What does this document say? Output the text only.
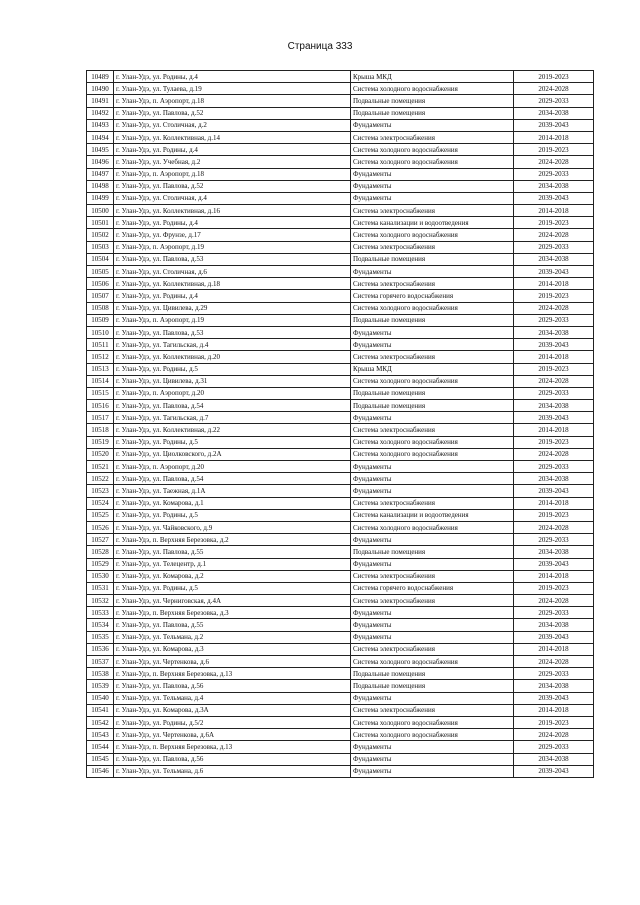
Страница 333
10489	г. Улан-Удэ, ул. Родины, д.4	Крыша МКД	2019-2023
10490	г. Улан-Удэ, ул. Тулаева, д.19	Система холодного водоснабжения	2024-2028
10491	г. Улан-Удэ, п. Аэропорт, д.18	Подвальные помещения	2029-2033
10492	г. Улан-Удэ, ул. Павлова, д.52	Подвальные помещения	2034-2038
10493	г. Улан-Удэ, ул. Столичная, д.2	Фундаменты	2039-2043
10494	г. Улан-Удэ, ул. Коллективная, д.14	Система электроснабжения	2014-2018
10495	г. Улан-Удэ, ул. Родины, д.4	Система холодного водоснабжения	2019-2023
10496	г. Улан-Удэ, ул. Учебная, д.2	Система холодного водоснабжения	2024-2028
10497	г. Улан-Удэ, п. Аэропорт, д.18	Фундаменты	2029-2033
10498	г. Улан-Удэ, ул. Павлова, д.52	Фундаменты	2034-2038
10499	г. Улан-Удэ, ул. Столичная, д.4	Фундаменты	2039-2043
10500	г. Улан-Удэ, ул. Коллективная, д.16	Система электроснабжения	2014-2018
10501	г. Улан-Удэ, ул. Родины, д.4	Система канализации и водоотведения	2019-2023
10502	г. Улан-Удэ, ул. Фрунзе, д.17	Система холодного водоснабжения	2024-2028
10503	г. Улан-Удэ, п. Аэропорт, д.19	Система электроснабжения	2029-2033
10504	г. Улан-Удэ, ул. Павлова, д.53	Подвальные помещения	2034-2038
10505	г. Улан-Удэ, ул. Столичная, д.6	Фундаменты	2039-2043
10506	г. Улан-Удэ, ул. Коллективная, д.18	Система электроснабжения	2014-2018
10507	г. Улан-Удэ, ул. Родины, д.4	Система горячего водоснабжения	2019-2023
10508	г. Улан-Удэ, ул. Цивилева, д.29	Система холодного водоснабжения	2024-2028
10509	г. Улан-Удэ, п. Аэропорт, д.19	Подвальные помещения	2029-2033
10510	г. Улан-Удэ, ул. Павлова, д.53	Фундаменты	2034-2038
10511	г. Улан-Удэ, ул. Тагильская, д.4	Фундаменты	2039-2043
10512	г. Улан-Удэ, ул. Коллективная, д.20	Система электроснабжения	2014-2018
10513	г. Улан-Удэ, ул. Родины, д.5	Крыша МКД	2019-2023
10514	г. Улан-Удэ, ул. Цивилева, д.31	Система холодного водоснабжения	2024-2028
10515	г. Улан-Удэ, п. Аэропорт, д.20	Подвальные помещения	2029-2033
10516	г. Улан-Удэ, ул. Павлова, д.54	Подвальные помещения	2034-2038
10517	г. Улан-Удэ, ул. Тагильская, д.7	Фундаменты	2039-2043
10518	г. Улан-Удэ, ул. Коллективная, д.22	Система электроснабжения	2014-2018
10519	г. Улан-Удэ, ул. Родины, д.5	Система холодного водоснабжения	2019-2023
10520	г. Улан-Удэ, ул. Циолковского, д.2А	Система холодного водоснабжения	2024-2028
10521	г. Улан-Удэ, п. Аэропорт, д.20	Фундаменты	2029-2033
10522	г. Улан-Удэ, ул. Павлова, д.54	Фундаменты	2034-2038
10523	г. Улан-Удэ, ул. Таежная, д.1А	Фундаменты	2039-2043
10524	г. Улан-Удэ, ул. Комарова, д.1	Система электроснабжения	2014-2018
10525	г. Улан-Удэ, ул. Родины, д.5	Система канализации и водоотведения	2019-2023
10526	г. Улан-Удэ, ул. Чайковского, д.9	Система холодного водоснабжения	2024-2028
10527	г. Улан-Удэ, п. Верхняя Березовка, д.2	Фундаменты	2029-2033
10528	г. Улан-Удэ, ул. Павлова, д.55	Подвальные помещения	2034-2038
10529	г. Улан-Удэ, ул. Телецентр, д.1	Фундаменты	2039-2043
10530	г. Улан-Удэ, ул. Комарова, д.2	Система электроснабжения	2014-2018
10531	г. Улан-Удэ, ул. Родины, д.5	Система горячего водоснабжения	2019-2023
10532	г. Улан-Удэ, ул. Черниговская, д.4А	Система электроснабжения	2024-2028
10533	г. Улан-Удэ, п. Верхняя Березовка, д.3	Фундаменты	2029-2033
10534	г. Улан-Удэ, ул. Павлова, д.55	Фундаменты	2034-2038
10535	г. Улан-Удэ, ул. Тельмана, д.2	Фундаменты	2039-2043
10536	г. Улан-Удэ, ул. Комарова, д.3	Система электроснабжения	2014-2018
10537	г. Улан-Удэ, ул. Чертенкова, д.6	Система холодного водоснабжения	2024-2028
10538	г. Улан-Удэ, п. Верхняя Березовка, д.13	Подвальные помещения	2029-2033
10539	г. Улан-Удэ, ул. Павлова, д.56	Подвальные помещения	2034-2038
10540	г. Улан-Удэ, ул. Тельмана, д.4	Фундаменты	2039-2043
10541	г. Улан-Удэ, ул. Комарова, д.3А	Система электроснабжения	2014-2018
10542	г. Улан-Удэ, ул. Родины, д.5/2	Система холодного водоснабжения	2019-2023
10543	г. Улан-Удэ, ул. Чертенкова, д.6А	Система холодного водоснабжения	2024-2028
10544	г. Улан-Удэ, п. Верхняя Березовка, д.13	Фундаменты	2029-2033
10545	г. Улан-Удэ, ул. Павлова, д.56	Фундаменты	2034-2038
10546	г. Улан-Удэ, ул. Тельмана, д.6	Фундаменты	2039-2043
